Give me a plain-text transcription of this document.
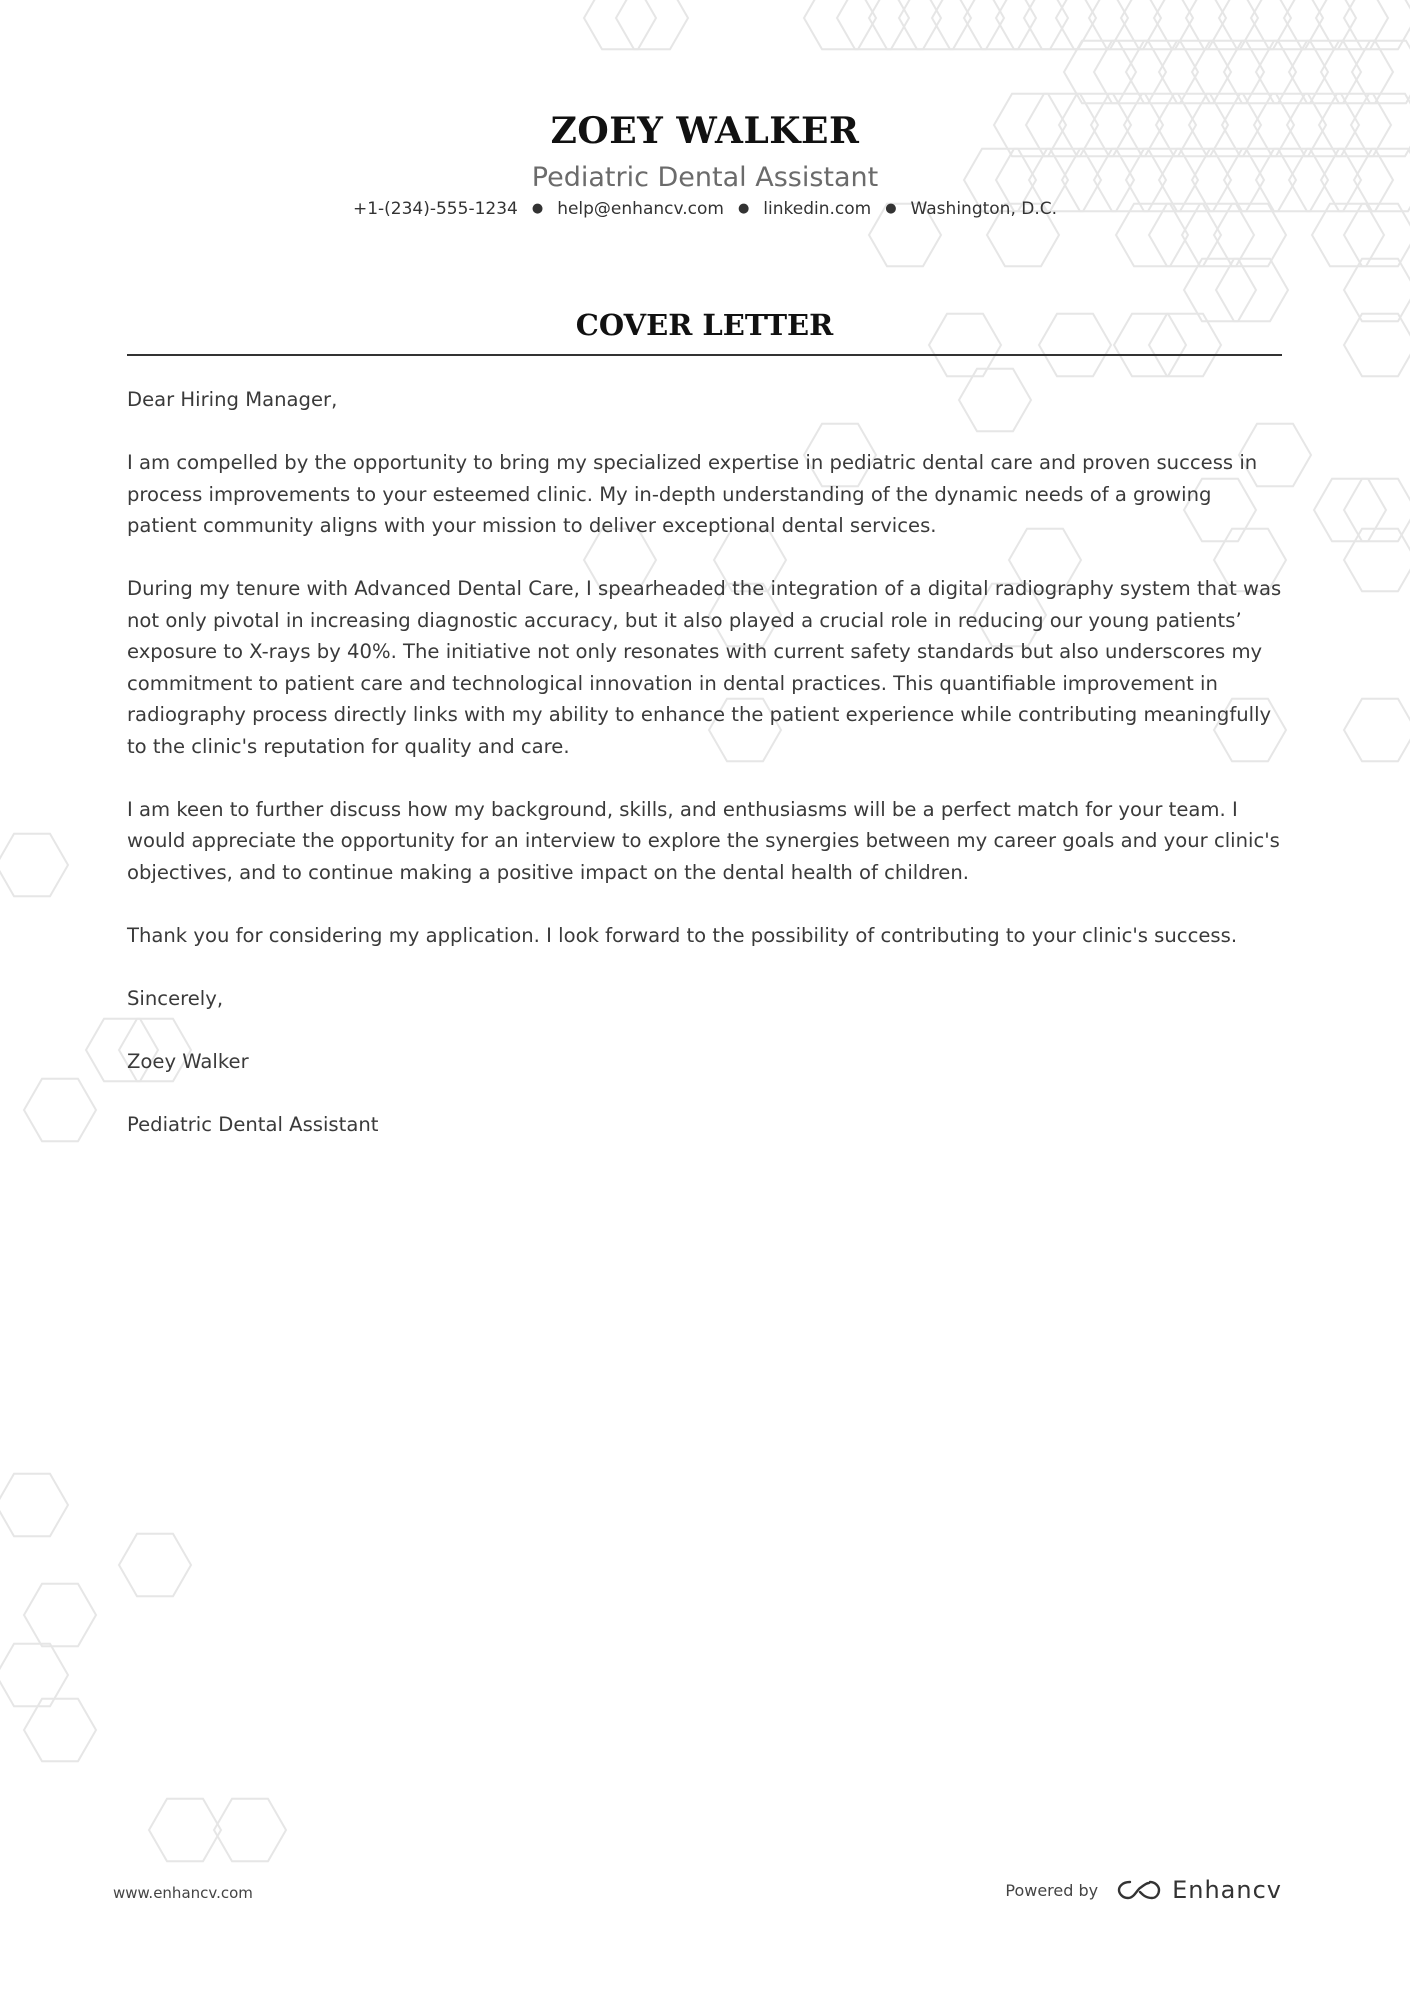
ZOEY WALKER
Pediatric Dental Assistant
+1-(234)-555-1234 ● help@enhancv.com ● linkedin.com ● Washington, D.C.
COVER LETTER

Dear Hiring Manager,

I am compelled by the opportunity to bring my specialized expertise in pediatric dental care and proven success in process improvements to your esteemed clinic. My in-depth understanding of the dynamic needs of a growing patient community aligns with your mission to deliver exceptional dental services.

During my tenure with Advanced Dental Care, I spearheaded the integration of a digital radiography system that was not only pivotal in increasing diagnostic accuracy, but it also played a crucial role in reducing our young patients’ exposure to X-rays by 40%. The initiative not only resonates with current safety standards but also underscores my commitment to patient care and technological innovation in dental practices. This quantifiable improvement in radiography process directly links with my ability to enhance the patient experience while contributing meaningfully to the clinic's reputation for quality and care.

I am keen to further discuss how my background, skills, and enthusiasms will be a perfect match for your team. I would appreciate the opportunity for an interview to explore the synergies between my career goals and your clinic's objectives, and to continue making a positive impact on the dental health of children.

Thank you for considering my application. I look forward to the possibility of contributing to your clinic's success.

Sincerely,

Zoey Walker

Pediatric Dental Assistant

www.enhancv.com	Powered by	Enhancv
